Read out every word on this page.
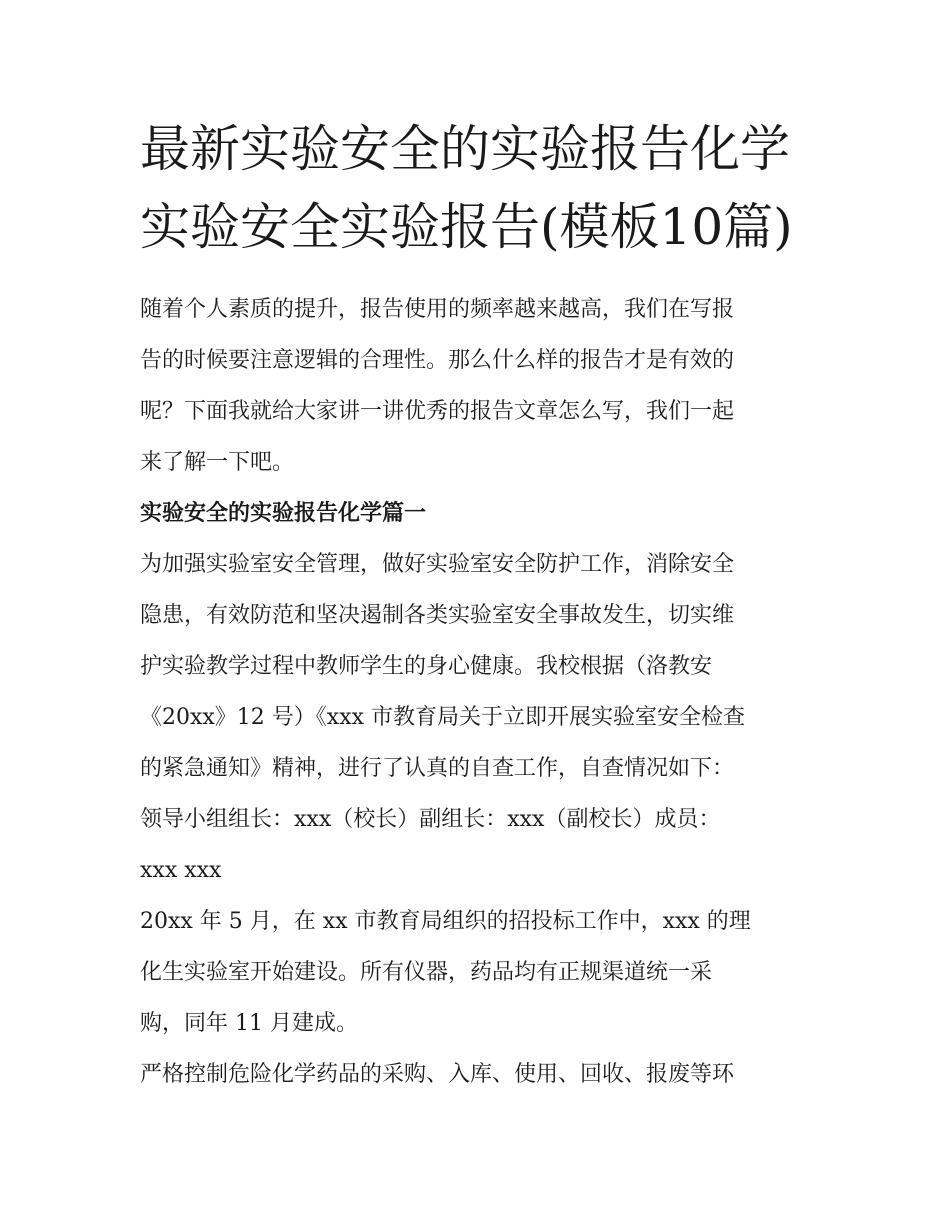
最新实验安全的实验报告化学
实验安全实验报告(模板10篇)

随着个人素质的提升，报告使用的频率越来越高，我们在写报
告的时候要注意逻辑的合理性。那么什么样的报告才是有效的
呢？下面我就给大家讲一讲优秀的报告文章怎么写，我们一起
来了解一下吧。

实验安全的实验报告化学篇一

为加强实验室安全管理，做好实验室安全防护工作，消除安全
隐患，有效防范和坚决遏制各类实验室安全事故发生，切实维
护实验教学过程中教师学生的身心健康。我校根据（洛教安
《20xx》12 号）《xxx 市教育局关于立即开展实验室安全检查
的紧急通知》精神，进行了认真的自查工作，自查情况如下：

领导小组组长：xxx（校长）副组长：xxx（副校长）成员：
xxx xxx

20xx 年 5 月，在 xx 市教育局组织的招投标工作中，xxx 的理
化生实验室开始建设。所有仪器，药品均有正规渠道统一采
购，同年 11 月建成。

严格控制危险化学药品的采购、入库、使用、回收、报废等环
